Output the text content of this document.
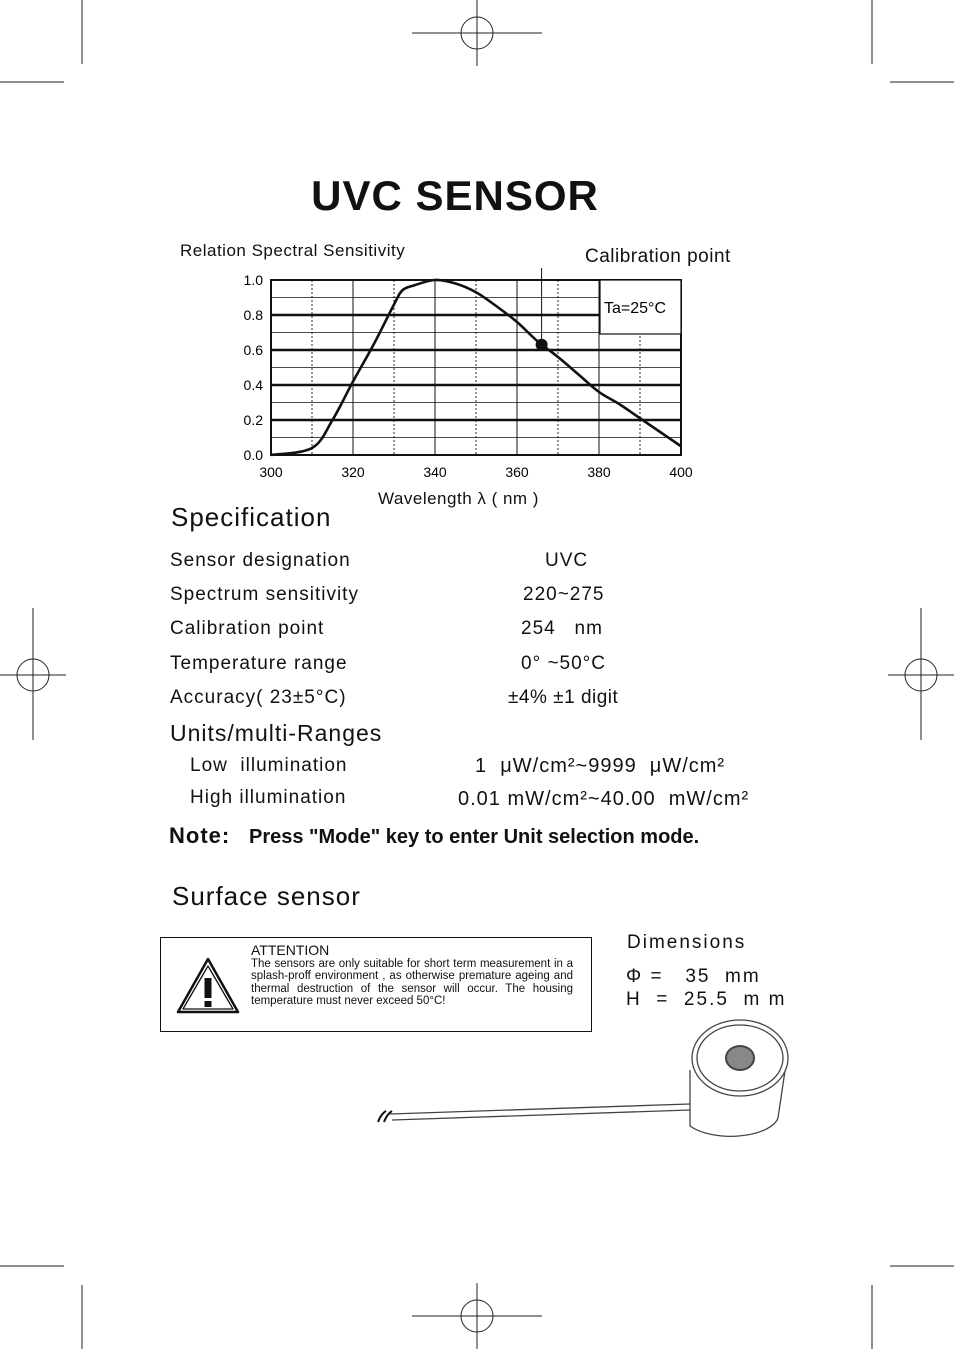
UVC SENSOR
Relation Spectral Sensitivity	Calibration point
Wavelength λ ( nm )
300	320	340	360	380	400
0.0
0.2
0.4
0.6
0.8
1.0
Ta=25°C
Specification
Sensor designation	UVC
Spectrum sensitivity	220~275
Calibration point	254   nm
Temperature range	0° ~50°C
Accuracy( 23±5°C)	±4% ±1 digit
Units/multi-Ranges
Low  illumination	1  μW/cm²~9999  μW/cm²
High illumination	0.01 mW/cm²~40.00  mW/cm²
Note: Press "Mode" key to enter Unit selection mode.
Surface sensor
ATTENTION
The sensors are only suitable for short term measurement in a splash-proff environment , as otherwise premature ageing and thermal destruction of the sensor will occur. The housing temperature must never exceed 50°C!
Dimensions
Φ =   35  mm
H  =  25.5  m m
